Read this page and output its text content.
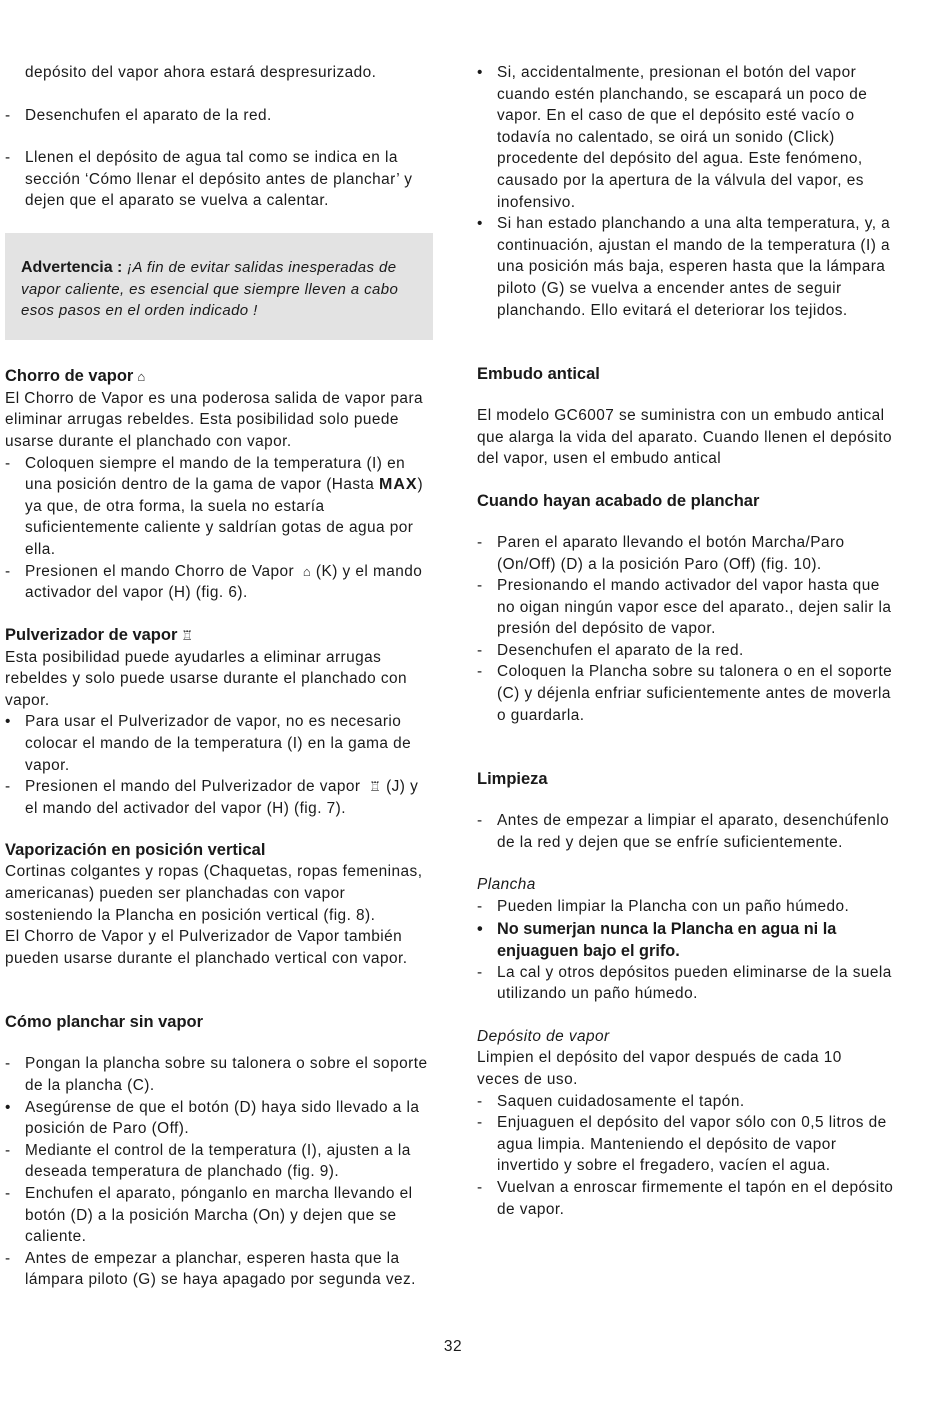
depósito del vapor ahora estará despresurizado.
- Desenchufen el aparato de la red.
- Llenen el depósito de agua tal como se indica en la sección ‘Cómo llenar el depósito antes de planchar’ y dejen que el aparato se vuelva a calentar.
Advertencia : ¡A fin de evitar salidas inesperadas de vapor caliente, es esencial que siempre lleven a cabo esos pasos en el orden indicado !
Chorro de vapor ⌂

El Chorro de Vapor es una poderosa salida de vapor para eliminar arrugas rebeldes. Esta posibilidad solo puede usarse durante el planchado con vapor.

- Coloquen siempre el mando de la temperatura (I) en una posición dentro de la gama de vapor (Hasta MAX) ya que, de otra forma, la suela no estaría suficientemente caliente y saldrían gotas de agua por ella.
- Presionen el mando Chorro de Vapor ⌂ (K) y el mando activador del vapor (H) (fig. 6).
Pulverizador de vapor ♖

Esta posibilidad puede ayudarles a eliminar arrugas rebeldes y solo puede usarse durante el planchado con vapor.

• Para usar el Pulverizador de vapor, no es necesario colocar el mando de la temperatura (I) en la gama de vapor.
- Presionen el mando del Pulverizador de vapor ♖ (J) y el mando del activador del vapor (H) (fig. 7).
Vaporización en posición vertical

Cortinas colgantes y ropas (Chaquetas, ropas femeninas, americanas) pueden ser planchadas con vapor sosteniendo la Plancha en posición vertical (fig. 8).

El Chorro de Vapor y el Pulverizador de Vapor también pueden usarse durante el planchado vertical con vapor.

Cómo planchar sin vapor
- Pongan la plancha sobre su talonera o sobre el soporte de la plancha (C).
• Asegúrense de que el botón (D) haya sido llevado a la posición de Paro (Off).
- Mediante el control de la temperatura (I), ajusten a la deseada temperatura de planchado (fig. 9).
- Enchufen el aparato, pónganlo en marcha llevando el botón (D) a la posición Marcha (On) y dejen que se caliente.
- Antes de empezar a planchar, esperen hasta que la lámpara piloto (G) se haya apagado por segunda vez.
• Si, accidentalmente, presionan el botón del vapor cuando estén planchando, se escapará un poco de vapor. En el caso de que el depósito esté vacío o todavía no calentado, se oirá un sonido (Click) procedente del depósito del agua. Este fenómeno, causado por la apertura de la válvula del vapor, es inofensivo.
• Si han estado planchando a una alta temperatura, y, a continuación, ajustan el mando de la temperatura (I) a una posición más baja, esperen hasta que la lámpara piloto (G) se vuelva a encender antes de seguir planchando. Ello evitará el deteriorar los tejidos.
Embudo antical

El modelo GC6007 se suministra con un embudo antical que alarga la vida del aparato. Cuando llenen el depósito del vapor, usen el embudo antical

Cuando hayan acabado de planchar
- Paren el aparato llevando el botón Marcha/Paro (On/Off) (D) a la posición Paro (Off) (fig. 10).
- Presionando el mando activador del vapor hasta que no oigan ningún vapor esce del aparato., dejen salir la presión del depósito de vapor.
- Desenchufen el aparato de la red.
- Coloquen la Plancha sobre su talonera o en el soporte (C) y déjenla enfriar suficientemente antes de moverla o guardarla.
Limpieza
- Antes de empezar a limpiar el aparato, desenchúfenlo de la red y dejen que se enfríe suficientemente.

Plancha

- Pueden limpiar la Plancha con un paño húmedo.
• No sumerjan nunca la Plancha en agua ni la enjuaguen bajo el grifo.
- La cal y otros depósitos pueden eliminarse de la suela utilizando un paño húmedo.

Depósito de vapor

Limpien el depósito del vapor después de cada 10 veces de uso.

- Saquen cuidadosamente el tapón.
- Enjuaguen el depósito del vapor sólo con 0,5 litros de agua limpia. Manteniendo el depósito de vapor invertido y sobre el fregadero, vacíen el agua.
- Vuelvan a enroscar firmemente el tapón en el depósito de vapor.
32
